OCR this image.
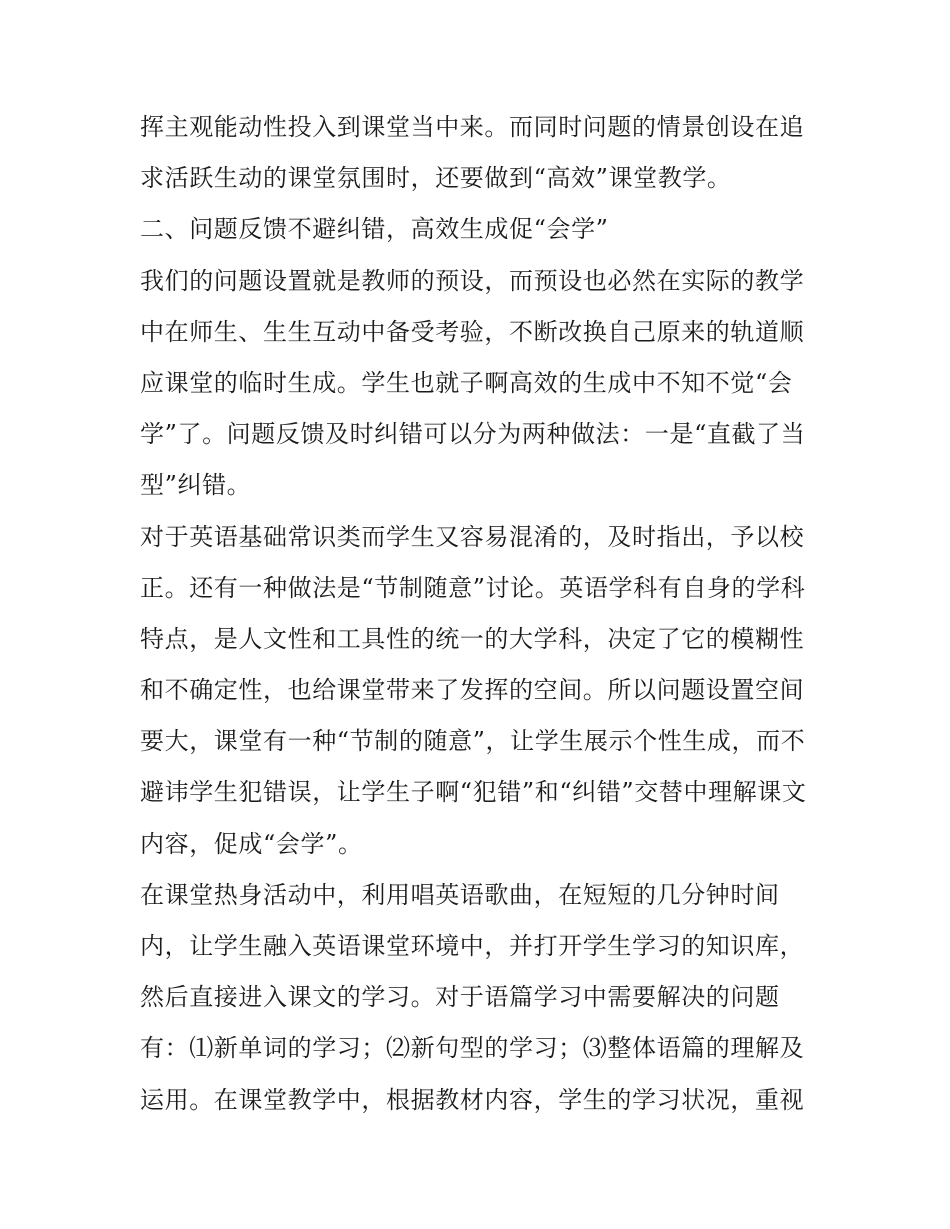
挥主观能动性投入到课堂当中来。而同时问题的情景创设在追
求活跃生动的课堂氛围时，还要做到“高效”课堂教学。
二、问题反馈不避纠错，高效生成促“会学”
我们的问题设置就是教师的预设，而预设也必然在实际的教学
中在师生、生生互动中备受考验，不断改换自己原来的轨道顺
应课堂的临时生成。学生也就子啊高效的生成中不知不觉“会
学”了。问题反馈及时纠错可以分为两种做法：一是“直截了当
型”纠错。
对于英语基础常识类而学生又容易混淆的，及时指出，予以校
正。还有一种做法是“节制随意”讨论。英语学科有自身的学科
特点，是人文性和工具性的统一的大学科，决定了它的模糊性
和不确定性，也给课堂带来了发挥的空间。所以问题设置空间
要大，课堂有一种“节制的随意”，让学生展示个性生成，而不
避讳学生犯错误，让学生子啊“犯错”和“纠错”交替中理解课文
内容，促成“会学”。
在课堂热身活动中，利用唱英语歌曲，在短短的几分钟时间
内，让学生融入英语课堂环境中，并打开学生学习的知识库，
然后直接进入课文的学习。对于语篇学习中需要解决的问题
有：⑴新单词的学习；⑵新句型的学习；⑶整体语篇的理解及
运用。在课堂教学中，根据教材内容，学生的学习状况，重视
